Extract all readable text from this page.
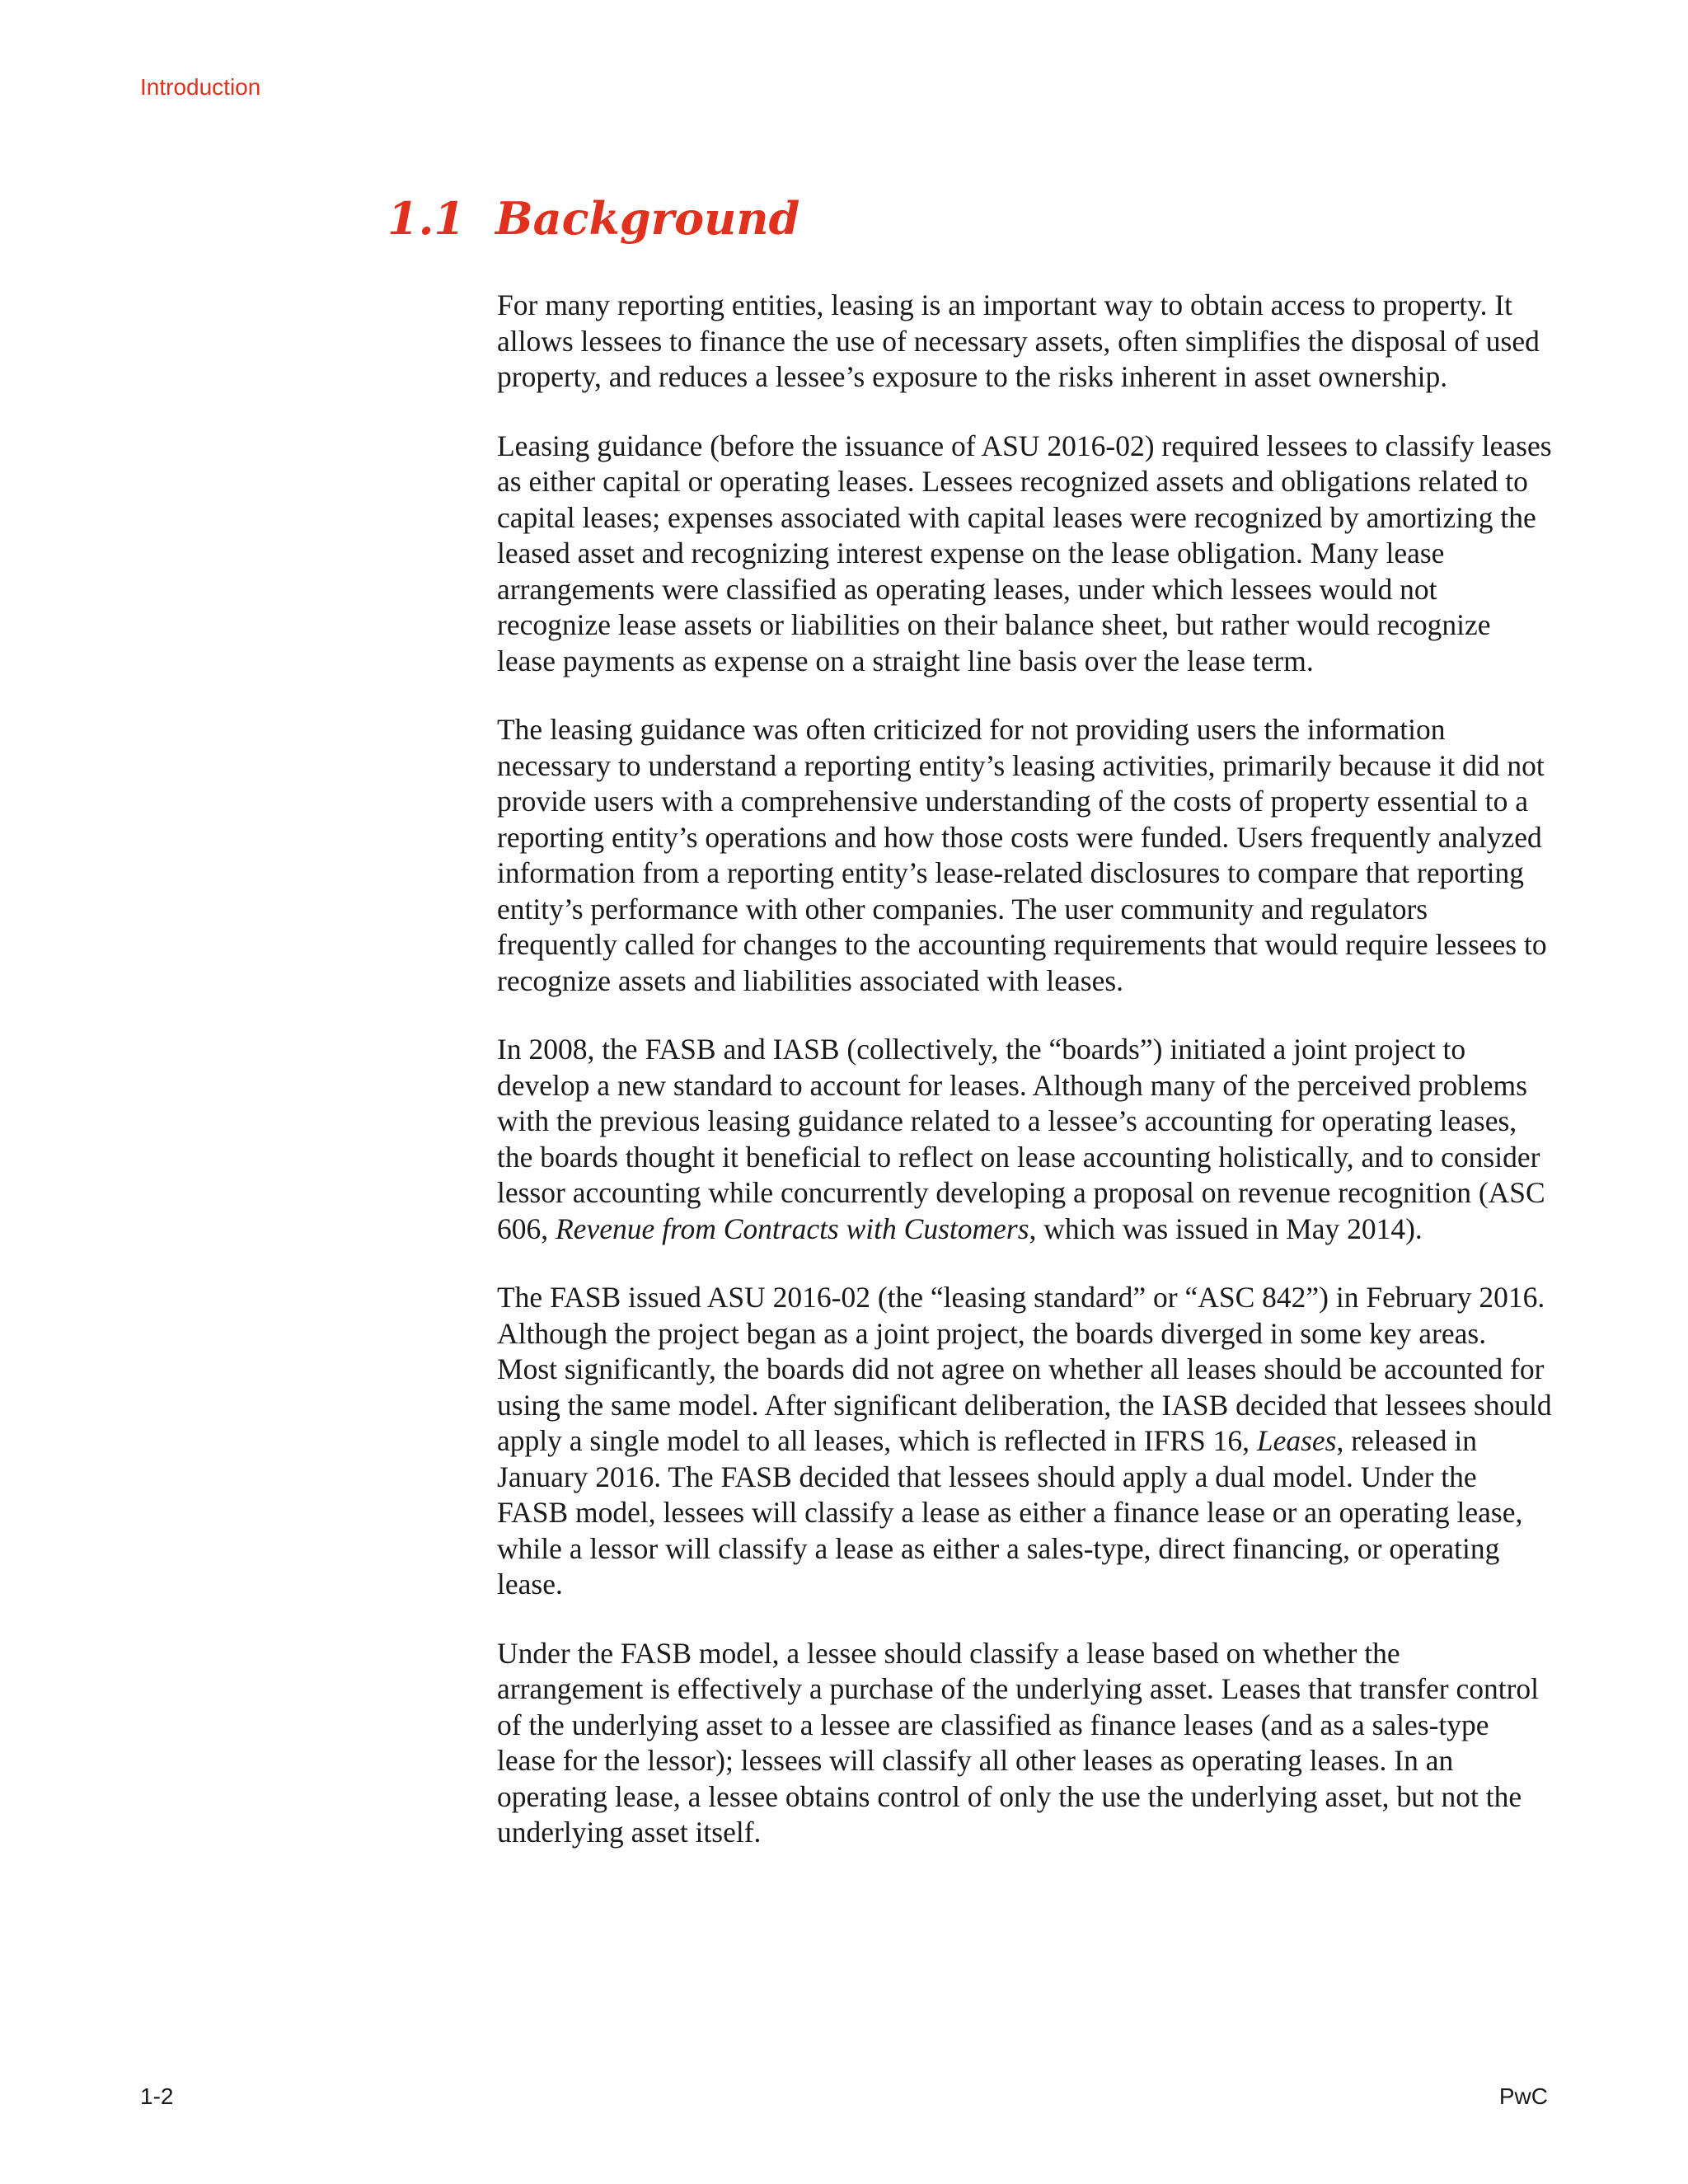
Introduction
1.1 Background

For many reporting entities, leasing is an important way to obtain access to property. It allows lessees to finance the use of necessary assets, often simplifies the disposal of used property, and reduces a lessee’s exposure to the risks inherent in asset ownership.

Leasing guidance (before the issuance of ASU 2016-02) required lessees to classify leases as either capital or operating leases. Lessees recognized assets and obligations related to capital leases; expenses associated with capital leases were recognized by amortizing the leased asset and recognizing interest expense on the lease obligation. Many lease arrangements were classified as operating leases, under which lessees would not recognize lease assets or liabilities on their balance sheet, but rather would recognize lease payments as expense on a straight line basis over the lease term.

The leasing guidance was often criticized for not providing users the information necessary to understand a reporting entity’s leasing activities, primarily because it did not provide users with a comprehensive understanding of the costs of property essential to a reporting entity’s operations and how those costs were funded. Users frequently analyzed information from a reporting entity’s lease-related disclosures to compare that reporting entity’s performance with other companies. The user community and regulators frequently called for changes to the accounting requirements that would require lessees to recognize assets and liabilities associated with leases.

In 2008, the FASB and IASB (collectively, the “boards”) initiated a joint project to develop a new standard to account for leases. Although many of the perceived problems with the previous leasing guidance related to a lessee’s accounting for operating leases, the boards thought it beneficial to reflect on lease accounting holistically, and to consider lessor accounting while concurrently developing a proposal on revenue recognition (ASC 606, Revenue from Contracts with Customers, which was issued in May 2014).

The FASB issued ASU 2016-02 (the “leasing standard” or “ASC 842”) in February 2016. Although the project began as a joint project, the boards diverged in some key areas. Most significantly, the boards did not agree on whether all leases should be accounted for using the same model. After significant deliberation, the IASB decided that lessees should apply a single model to all leases, which is reflected in IFRS 16, Leases, released in January 2016. The FASB decided that lessees should apply a dual model. Under the FASB model, lessees will classify a lease as either a finance lease or an operating lease, while a lessor will classify a lease as either a sales-type, direct financing, or operating lease.

Under the FASB model, a lessee should classify a lease based on whether the arrangement is effectively a purchase of the underlying asset. Leases that transfer control of the underlying asset to a lessee are classified as finance leases (and as a sales-type lease for the lessor); lessees will classify all other leases as operating leases. In an operating lease, a lessee obtains control of only the use the underlying asset, but not the underlying asset itself.

1-2	PwC
